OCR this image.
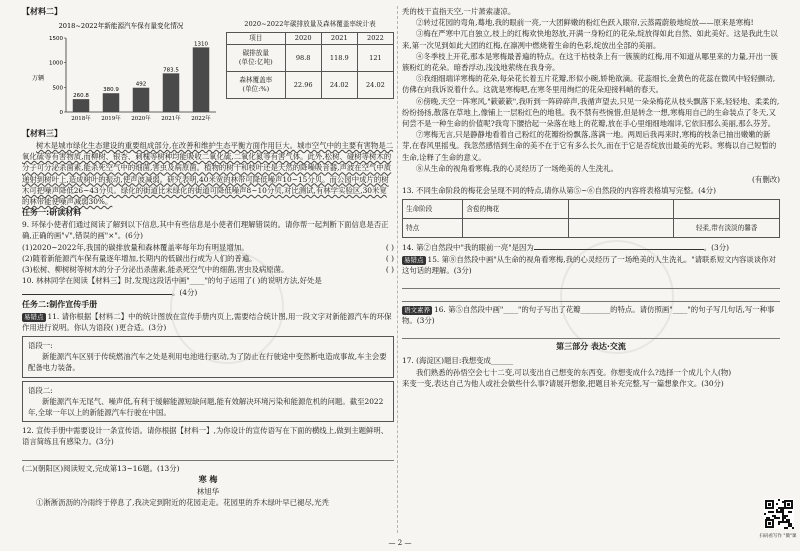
【材料二】
2018~2022年新能源汽车保有量变化情况
万辆
0
500
1000
1500
260.8
2018年
380.9
2019年
492
2020年
783.5
2021年
1310
2022年
2020~2022年碳排放量及森林覆盖率统计表
项目	2020	2021	2022
碳排放量
(单位:亿吨)	98.8	118.9	121
森林覆盖率
(单位:%)	22.96	24.02	24.02
【材料三】

树木是城市绿化生态建设的重要组成部分,在改善和维护生态平衡方面作用巨大。城市空气中的主要有害物是二氧化硫等有害物质,而柳树、银杏、刺槐等树种均能吸收二氧化硫,二氧化氮等有害气体。此外,松树、碰树等树木的分子可分泌杀菌素,能杀死空气中的细菌,害虫及病原菌。植物的树干和枝叶还是天然的降噪吸音器,声波在空气中质递射到树叶上,造成树叶的振动,使声波减弱。研究表明,40米宽的林带可降低噪声10~15分贝。而公园中成片的树木可把噪声降低26~43分贝。绿化的街道比未绿化的街道可降低噪声8~10分贝,对比测试,有林学实验区,30米宽的林带能使噪声减弱30%。

任务一:研读材料

9. 环保小使者们通过阅读了解到以下信息,其中有些信息是小使者们理解错误的。请你帮一起判断下面信息是否正确,正确的画"√",错误的画"×"。(6分)

(1)2020~2022年,我国的碳排放量和森林覆盖率每年均有明显增加。	( )

(2)随着新能源汽车保有量逐年增加,长期内的低碳出行成为人们的普遍。	( )

(3)松树、柳树树等树木的分子分泌出杀菌素,能杀死空气中的细菌,害虫及病原菌。	( )

10. 林林同学在阅读【材料三】时,发现这段话中画"____"的句子运用了( )的说明方法,好处是。(4分)

任务二:制作宣传手册

易错点 11. 请你根据【材料二】中的统计图放在宣传手册内页上,需要结合统计图,用一段文字对新能源汽车的环保作用进行说明。你认为语段( )更合适。(3分)

语段一:

新能源汽车区别于传统燃油汽车之处是利用电池进行驱动,为了防止在行驶途中变然断电造成事故,车主会要配备电力装备。

语段二:

新能源汽车无尾气、噪声低,有利于缓解能源短缺问题,能有效解决环境污染和能源危机的问题。截至2022年,全球一年以上的新能源汽车行驶在中国。

12. 宣传手册中需要设计一条宣传语。请你根据【材料一】,为你设计的宣传语写在下面的横线上,做到主题鲜明、语言简练且有感染力。(3分)

(二)(朝阳区)阅读短文,完成第13~16题。(13分)

寒 梅
林旭华

①淅淅沥沥的冷雨终于停息了,我决定到附近的花园走走。花园里的乔木绿叶早已褪尽,光秃

秃的枝干直指天空,一片萧索凄凉。

②转过花园的弯角,蓦地,我的眼前一亮,一大团鲜嫩的粉红色跃入眼帘,云蒸霞蔚般地绽放——原来是寒梅!

③梅在严寒中兀自独立,枝上的红梅欢快地怒放,开满一身粉红的花朵,绽放得如此自然、如此美好。这是我此生以来,第一次见到如此大团的红梅,在凛冽中燃烧着生命的色彩,绽放出全部的美丽。

④冬季枝上开花,那本是寒梅最普遍的特点。在这干枯枝条上有一簇簇的红梅,用不知道从哪里来的力量,开出一簇簇粉红的花朵。暗香浮动,浅浅地萦绕在我身旁。

⑤我细细端详寒梅的花朵,每朵花长着五片花瓣,形似小碗,娇艳欲滴。花蕊细长,金黄色的花蕊在微风中轻轻颤动,仿佛在向我诉说着什么。这就是寒梅吧,在寒冬里用绚烂的花朵迎接料峭的春天。

⑥傍晚,天空一阵寒风,"簌簌簌",我听到一阵碎碎声,我循声望去,只见一朵朵梅花从枝头飘落下来,轻轻地、柔柔的,纷纷扬扬,散落在草地上,像铺上一层粉红色的地毯。我不禁有些惋惜,但是转念一想,寒梅用自己的生命装点了冬天,又何尝不是一种生命的价值呢?我弯下腰拾起一朵落在地上的花瓣,放在手心里细细地端详,它依旧那么美丽,那么芬芳。

⑦寒梅无言,只是静静地看着自己粉红的花瓣纷纷飘落,落满一地。两周后我再来时,寒梅的枝条已抽出嫩嫩的新芽,在春风里摇曳。我忽然感悟到生命的美不在于它有多么长久,而在于它是否绽放出最美的光彩。寒梅以自己短暂的生命,诠释了生命的意义。

⑧从生命的视角看寒梅,我的心灵经历了一场绝美的人生洗礼。

(有删改)

13. 不同生命阶段的梅花会呈现不同的特点,请你从第⑤~⑥自然段的内容将表格填写完整。(4分)

生命阶段	含苞的梅花		
特点			轻柔,带有淡淡的馨香

14. 第②自然段中"我的眼前一亮"是因为	。(3分)

易错点 15. 第⑧自然段中画"从生命的视角看寒梅,我的心灵经历了一场绝美的人生洗礼。"请联系短文内容谈谈你对这句话的理解。(3分)

语文素养 16. 第⑤自然段中画"____"的句子写出了花瓣________的特点。请仿照画"____"的句子写几句话,写一种事物。(3分)

第三部分 表达·交流

17. (海淀区)题目:我想变成______

我们熟悉的孙悟空会七十二变,可以变出自己想变的东西变。你想变成什么?选择一个成儿个人(物)来变一变,表达自己为他人或社会做些什么事?请展开想象,把题目补充完整,写一篇想象作文。(30分)

扫码看写作 "微"课
— 2 —
